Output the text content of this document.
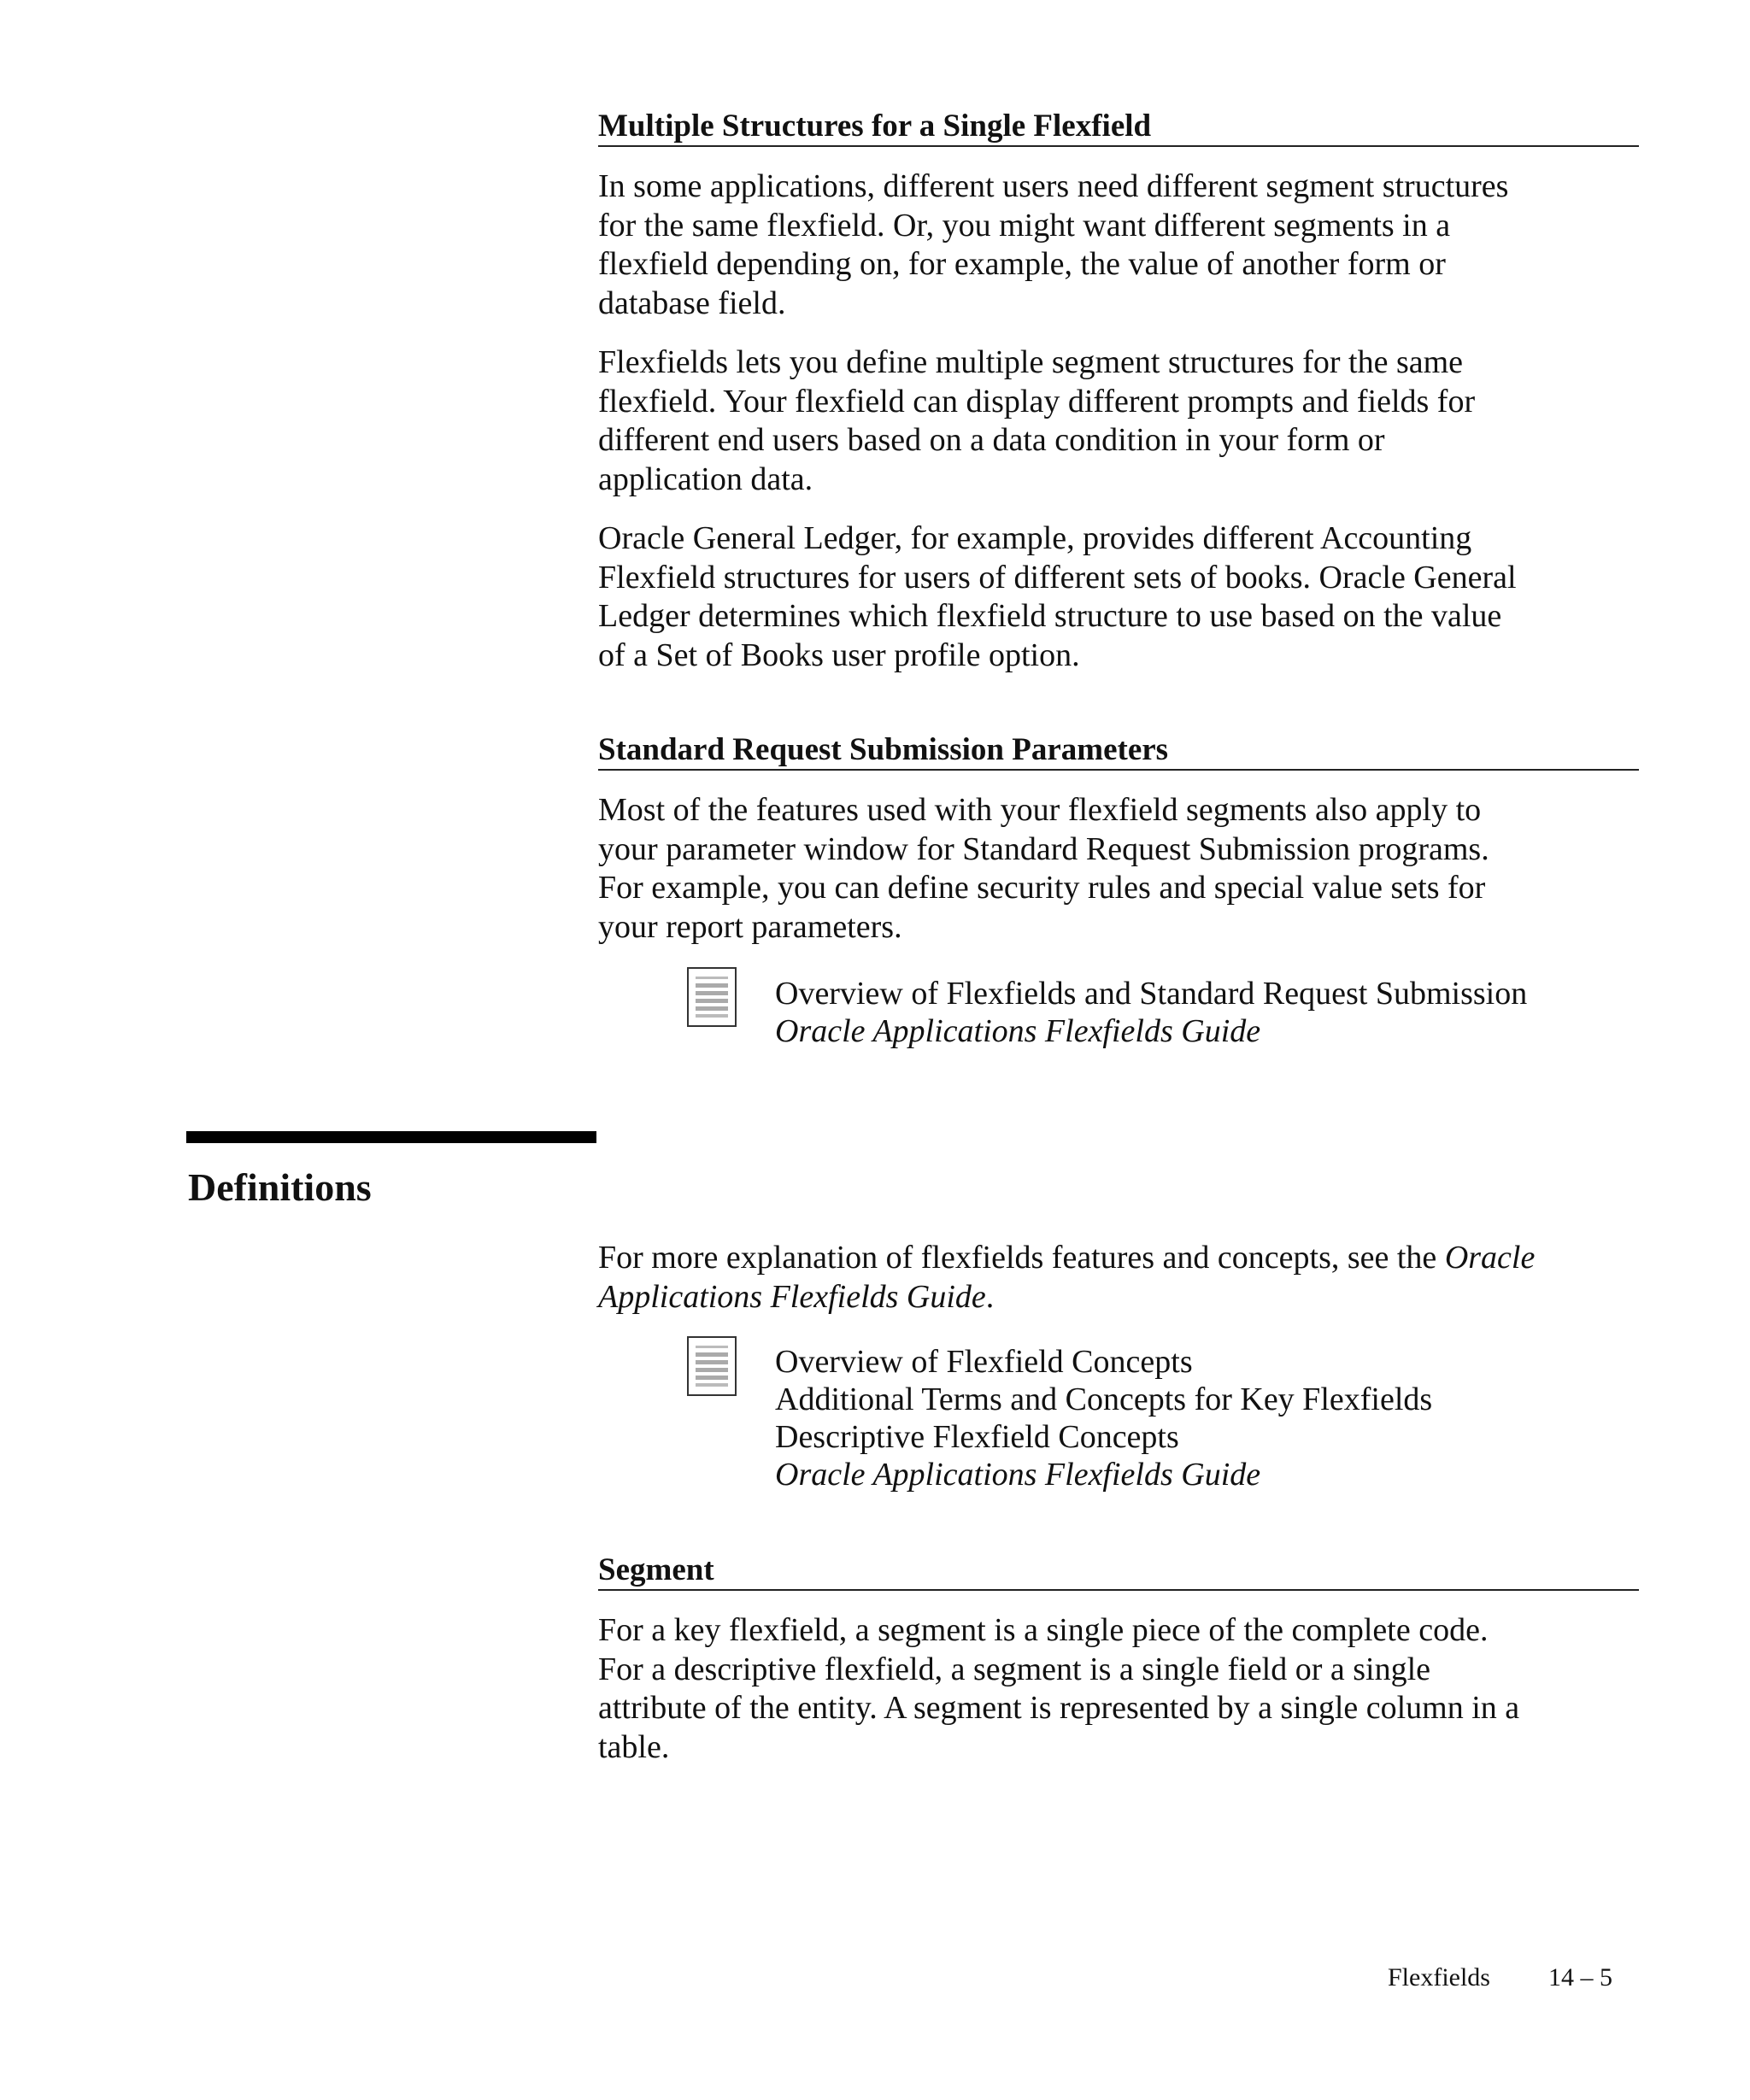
Multiple Structures for a Single Flexfield
In some applications, different users need different segment structures
for the same flexfield. Or, you might want different segments in a
flexfield depending on, for example, the value of another form or
database field.
Flexfields lets you define multiple segment structures for the same
flexfield. Your flexfield can display different prompts and fields for
different end users based on a data condition in your form or
application data.
Oracle General Ledger, for example, provides different Accounting
Flexfield structures for users of different sets of books. Oracle General
Ledger determines which flexfield structure to use based on the value
of a Set of Books user profile option.
Standard Request Submission Parameters
Most of the features used with your flexfield segments also apply to
your parameter window for Standard Request Submission programs.
For example, you can define security rules and special value sets for
your report parameters.
Overview of Flexfields and Standard Request Submission
Oracle Applications Flexfields Guide
Definitions
For more explanation of flexfields features and concepts, see the Oracle
Applications Flexfields Guide.
Overview of Flexfield Concepts
Additional Terms and Concepts for Key Flexfields
Descriptive Flexfield Concepts
Oracle Applications Flexfields Guide
Segment
For a key flexfield, a segment is a single piece of the complete code.
For a descriptive flexfield, a segment is a single field or a single
attribute of the entity. A segment is represented by a single column in a
table.
Flexfields 14 – 5
